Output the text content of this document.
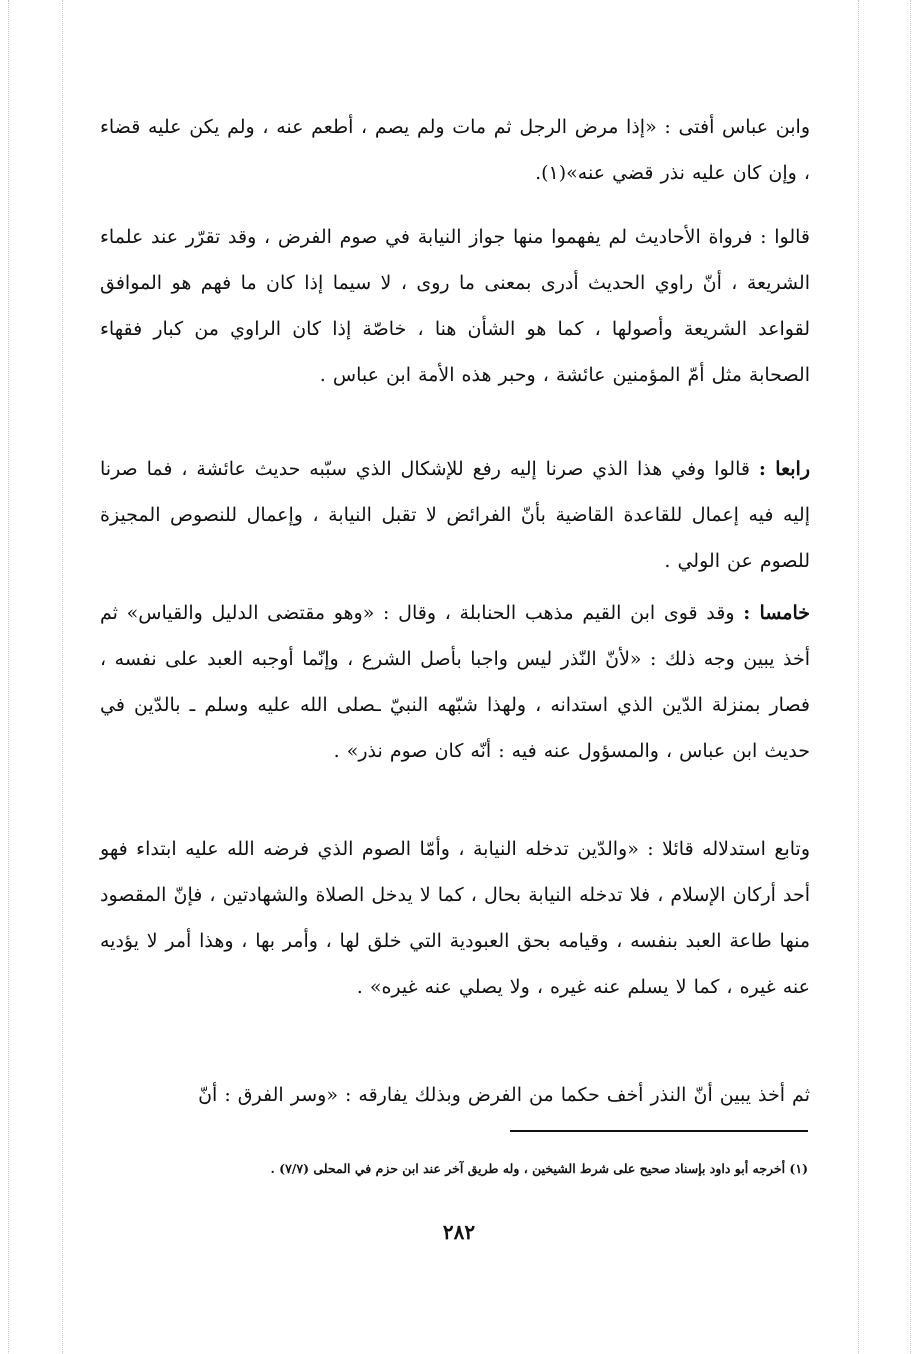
وابن عباس أفتى : «إذا مرض الرجل ثم مات ولم يصم ، أطعم عنه ، ولم يكن عليه قضاء ، وإن كان عليه نذر قضي عنه»(١).

قالوا : فرواة الأحاديث لم يفهموا منها جواز النيابة في صوم الفرض ، وقد تقرّر عند علماء الشريعة ، أنّ راوي الحديث أدرى بمعنى ما روى ، لا سيما إذا كان ما فهم هو الموافق لقواعد الشريعة وأصولها ، كما هو الشأن هنا ، خاصّة إذا كان الراوي من كبار فقهاء الصحابة مثل أمّ المؤمنين عائشة ، وحبر هذه الأمة ابن عباس .

رابعا : قالوا وفي هذا الذي صرنا إليه رفع للإشكال الذي سبّبه حديث عائشة ، فما صرنا إليه فيه إعمال للقاعدة القاضية بأنّ الفرائض لا تقبل النيابة ، وإعمال للنصوص المجيزة للصوم عن الولي .

خامسا : وقد قوى ابن القيم مذهب الحنابلة ، وقال : «وهو مقتضى الدليل والقياس» ثم أخذ يبين وجه ذلك : «لأنّ النّذر ليس واجبا بأصل الشرع ، وإنّما أوجبه العبد على نفسه ، فصار بمنزلة الدّين الذي استدانه ، ولهذا شبّهه النبيّ ـصلى الله عليه وسلم ـ بالدّين في حديث ابن عباس ، والمسؤول عنه فيه : أنّه كان صوم نذر» .

وتابع استدلاله قائلا : «والدّين تدخله النيابة ، وأمّا الصوم الذي فرضه الله عليه ابتداء فهو أحد أركان الإسلام ، فلا تدخله النيابة بحال ، كما لا يدخل الصلاة والشهادتين ، فإنّ المقصود منها طاعة العبد بنفسه ، وقيامه بحق العبودية التي خلق لها ، وأمر بها ، وهذا أمر لا يؤديه عنه غيره ، كما لا يسلم عنه غيره ، ولا يصلي عنه غيره» .

ثم أخذ يبين أنّ النذر أخف حكما من الفرض وبذلك يفارقه : «وسر الفرق : أنّ

(١) أخرجه أبو داود بإسناد صحيح على شرط الشيخين ، وله طريق آخر عند ابن حزم في المحلى (٧/٧) .
٢٨٢
